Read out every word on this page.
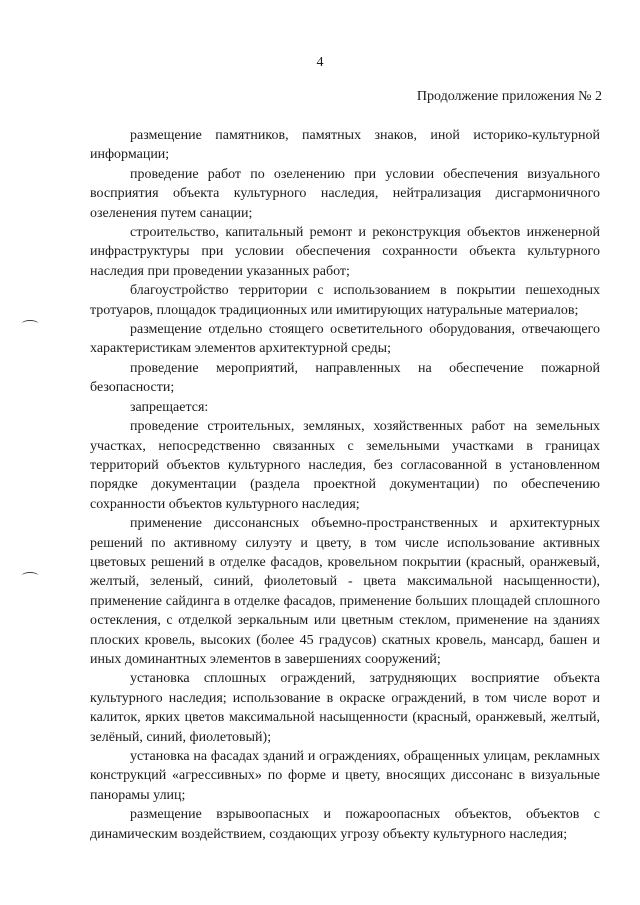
4
Продолжение приложения № 2

размещение памятников, памятных знаков, иной историко-культурной информации;

проведение работ по озеленению при условии обеспечения визуального восприятия объекта культурного наследия, нейтрализация дисгармоничного озеленения путем санации;

строительство, капитальный ремонт и реконструкция объектов инженерной инфраструктуры при условии обеспечения сохранности объекта культурного наследия при проведении указанных работ;

благоустройство территории с использованием в покрытии пешеходных тротуаров, площадок традиционных или имитирующих натуральные материалов;

размещение отдельно стоящего осветительного оборудования, отвечающего характеристикам элементов архитектурной среды;

проведение мероприятий, направленных на обеспечение пожарной безопасности;

запрещается:

проведение строительных, земляных, хозяйственных работ на земельных участках, непосредственно связанных с земельными участками в границах территорий объектов культурного наследия, без согласованной в установленном порядке документации (раздела проектной документации) по обеспечению сохранности объектов культурного наследия;

применение диссонансных объемно-пространственных и архитектурных решений по активному силуэту и цвету, в том числе использование активных цветовых решений в отделке фасадов, кровельном покрытии (красный, оранжевый, желтый, зеленый, синий, фиолетовый - цвета максимальной насыщенности), применение сайдинга в отделке фасадов, применение больших площадей сплошного остекления, с отделкой зеркальным или цветным стеклом, применение на зданиях плоских кровель, высоких (более 45 градусов) скатных кровель, мансард, башен и иных доминантных элементов в завершениях сооружений;

установка сплошных ограждений, затрудняющих восприятие объекта культурного наследия; использование в окраске ограждений, в том числе ворот и калиток, ярких цветов максимальной насыщенности (красный, оранжевый, желтый, зелёный, синий, фиолетовый);

установка на фасадах зданий и ограждениях, обращенных улицам, рекламных конструкций «агрессивных» по форме и цвету, вносящих диссонанс в визуальные панорамы улиц;

размещение взрывоопасных и пожароопасных объектов, объектов с динамическим воздействием, создающих угрозу объекту культурного наследия;
